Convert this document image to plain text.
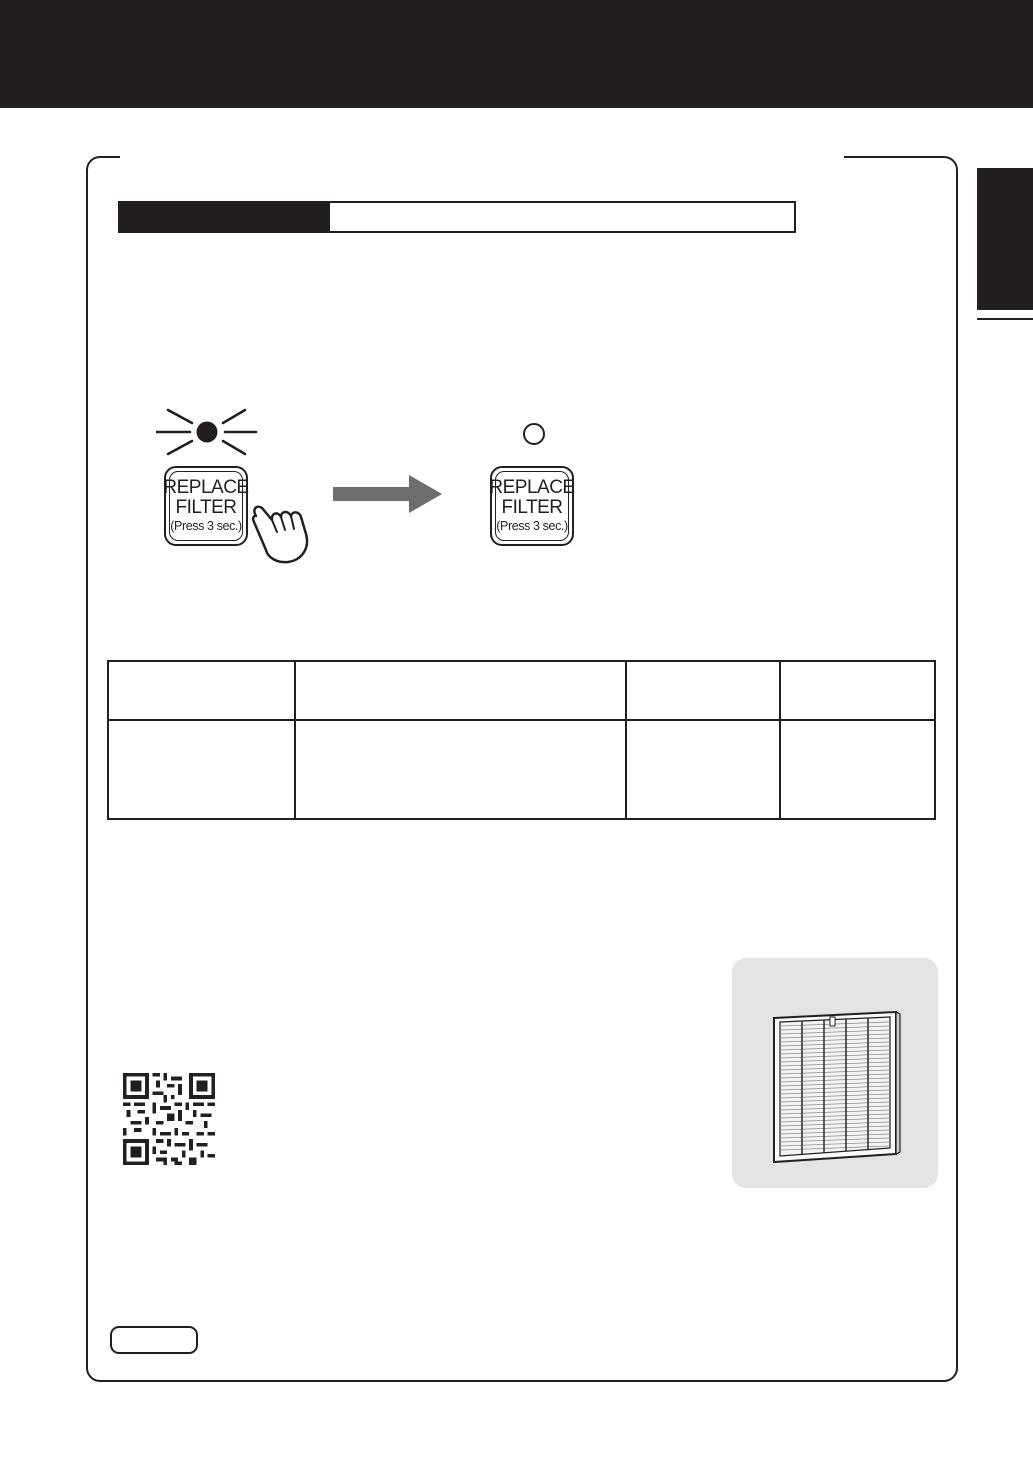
REPLACE
FILTER
(Press 3 sec.)
REPLACE
FILTER
(Press 3 sec.)
